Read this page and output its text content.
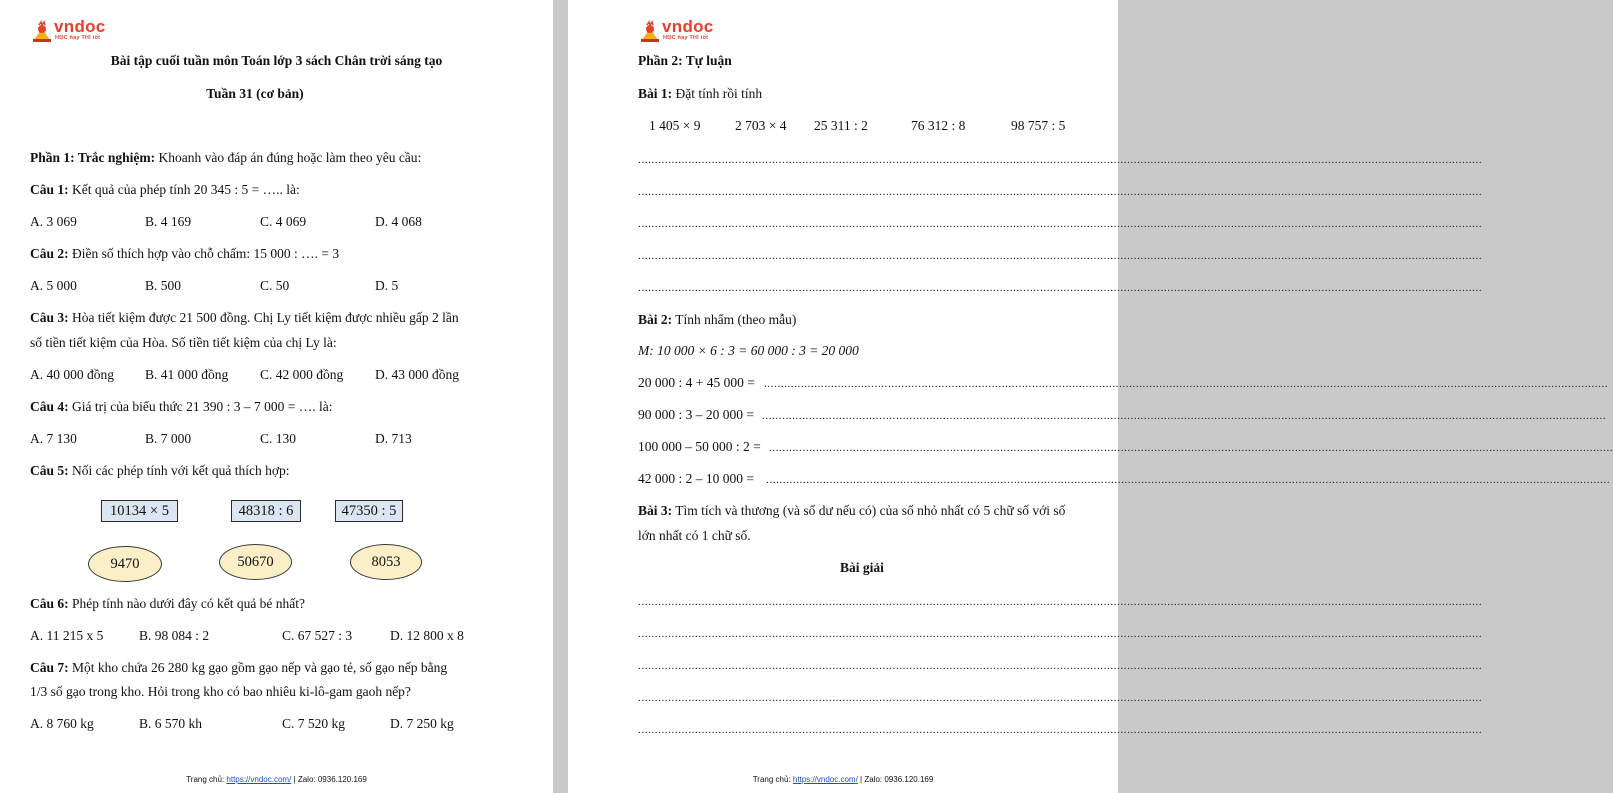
vndoc
HỌC hay THI tốt
Bài tập cuối tuần môn Toán lớp 3 sách Chân trời sáng tạo
Tuần 31 (cơ bản)
Phần 1: Trắc nghiệm: Khoanh vào đáp án đúng hoặc làm theo yêu cầu:
Câu 1: Kết quả của phép tính 20 345 : 5 = ….. là:
A. 3 069	B. 4 169	C. 4 069	D. 4 068
Câu 2: Điền số thích hợp vào chỗ chấm: 15 000 : …. = 3
A. 5 000	B. 500	C. 50	D. 5
Câu 3: Hòa tiết kiệm được 21 500 đồng. Chị Ly tiết kiệm được nhiều gấp 2 lần
số tiền tiết kiệm của Hòa. Số tiền tiết kiệm của chị Ly là:
A. 40 000 đồng B. 41 000 đồng C. 42 000 đồng D. 43 000 đồng
Câu 4: Giá trị của biểu thức 21 390 : 3 – 7 000 = …. là:
A. 7 130	B. 7 000	C. 130	D. 713
Câu 5: Nối các phép tính với kết quả thích hợp:
10134 × 5	48318 : 6	47350 : 5
9470	50670	8053
Câu 6: Phép tính nào dưới đây có kết quả bé nhất?
A. 11 215 x 5	B. 98 084 : 2	C. 67 527 : 3	D. 12 800 x 8
Câu 7: Một kho chứa 26 280 kg gạo gồm gạo nếp và gạo tẻ, số gạo nếp bằng
1/3 số gạo trong kho. Hỏi trong kho có bao nhiêu ki-lô-gam gaoh nếp?
A. 8 760 kg	B. 6 570 kh	C. 7 520 kg	D. 7 250 kg
Trang chủ: https://vndoc.com/ | Zalo: 0936.120.169
vndoc
HỌC hay THI tốt
Phần 2: Tự luận
Bài 1: Đặt tính rồi tính
1 405 × 9	2 703 × 4 25 311 : 2	76 312 : 8	98 757 : 5
............................................................................................................................................................................................................................................................
............................................................................................................................................................................................................................................................
............................................................................................................................................................................................................................................................
............................................................................................................................................................................................................................................................
............................................................................................................................................................................................................................................................
Bài 2: Tính nhẩm (theo mẫu)
M: 10 000 × 6 : 3 = 60 000 : 3 = 20 000
20 000 : 4 + 45 000 = ............................................................................................................................................................................................................................................................
90 000 : 3 – 20 000 = ............................................................................................................................................................................................................................................................
100 000 – 50 000 : 2 = ............................................................................................................................................................................................................................................................
42 000 : 2 – 10 000 = ............................................................................................................................................................................................................................................................
Bài 3: Tìm tích và thương (và số dư nếu có) của số nhỏ nhất có 5 chữ số với số
lớn nhất có 1 chữ số.
Bài giải
............................................................................................................................................................................................................................................................
............................................................................................................................................................................................................................................................
............................................................................................................................................................................................................................................................
............................................................................................................................................................................................................................................................
............................................................................................................................................................................................................................................................
Trang chủ: https://vndoc.com/ | Zalo: 0936.120.169
